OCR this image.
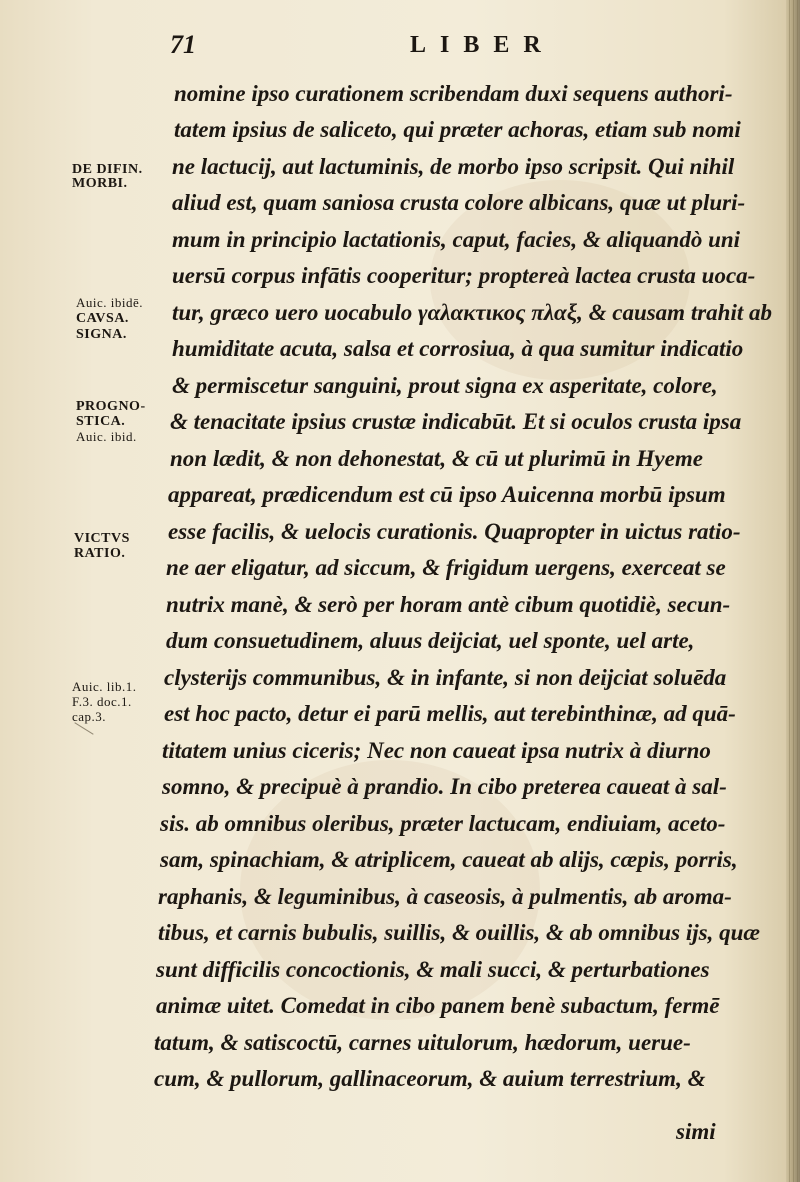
71	LIBER
DE DIFIN.
MORBI.
Auic. ibidē.
CAVSA.
SIGNA.
PROGNO-
STICA.
Auic. ibid.
VICTVS
RATIO.
Auic. lib.1.
F.3. doc.1.
cap.3.
nomine ipso curationem scribendam duxi sequens authori-
tatem ipsius de saliceto, qui præter achoras, etiam sub nomi
ne lactucij, aut lactuminis, de morbo ipso scripsit. Qui nihil
aliud est, quam saniosa crusta colore albicans, quæ ut pluri-
mum in principio lactationis, caput, facies, & aliquandò uni
uersū corpus infātis cooperitur; proptereà lactea crusta uoca-
tur, græco uero uocabulo γαλακτικος πλαξ, & causam trahit ab
humiditate acuta, salsa et corrosiua, à qua sumitur indicatio
& permiscetur sanguini, prout signa ex asperitate, colore,
& tenacitate ipsius crustæ indicabūt. Et si oculos crusta ipsa
non lædit, & non dehonestat, & cū ut plurimū in Hyeme
appareat, prædicendum est cū ipso Auicenna morbū ipsum
esse facilis, & uelocis curationis. Quapropter in uictus ratio-
ne aer eligatur, ad siccum, & frigidum uergens, exerceat se
nutrix manè, & serò per horam antè cibum quotidiè, secun-
dum consuetudinem, aluus deijciat, uel sponte, uel arte,
clysterijs communibus, & in infante, si non deijciat soluēda
est hoc pacto, detur ei parū mellis, aut terebinthinæ, ad quā-
titatem unius ciceris; Nec non caueat ipsa nutrix à diurno
somno, & precipuè à prandio. In cibo preterea caueat à sal-
sis. ab omnibus oleribus, præter lactucam, endiuiam, aceto-
sam, spinachiam, & atriplicem, caueat ab alijs, cæpis, porris,
raphanis, & leguminibus, à caseosis, à pulmentis, ab aroma-
tibus, et carnis bubulis, suillis, & ouillis, & ab omnibus ijs, quæ
sunt difficilis concoctionis, & mali succi, & perturbationes
animæ uitet. Comedat in cibo panem benè subactum, fermē
tatum, & satiscoctū, carnes uitulorum, hædorum, uerue-
cum, & pullorum, gallinaceorum, & auium terrestrium, &
simi
